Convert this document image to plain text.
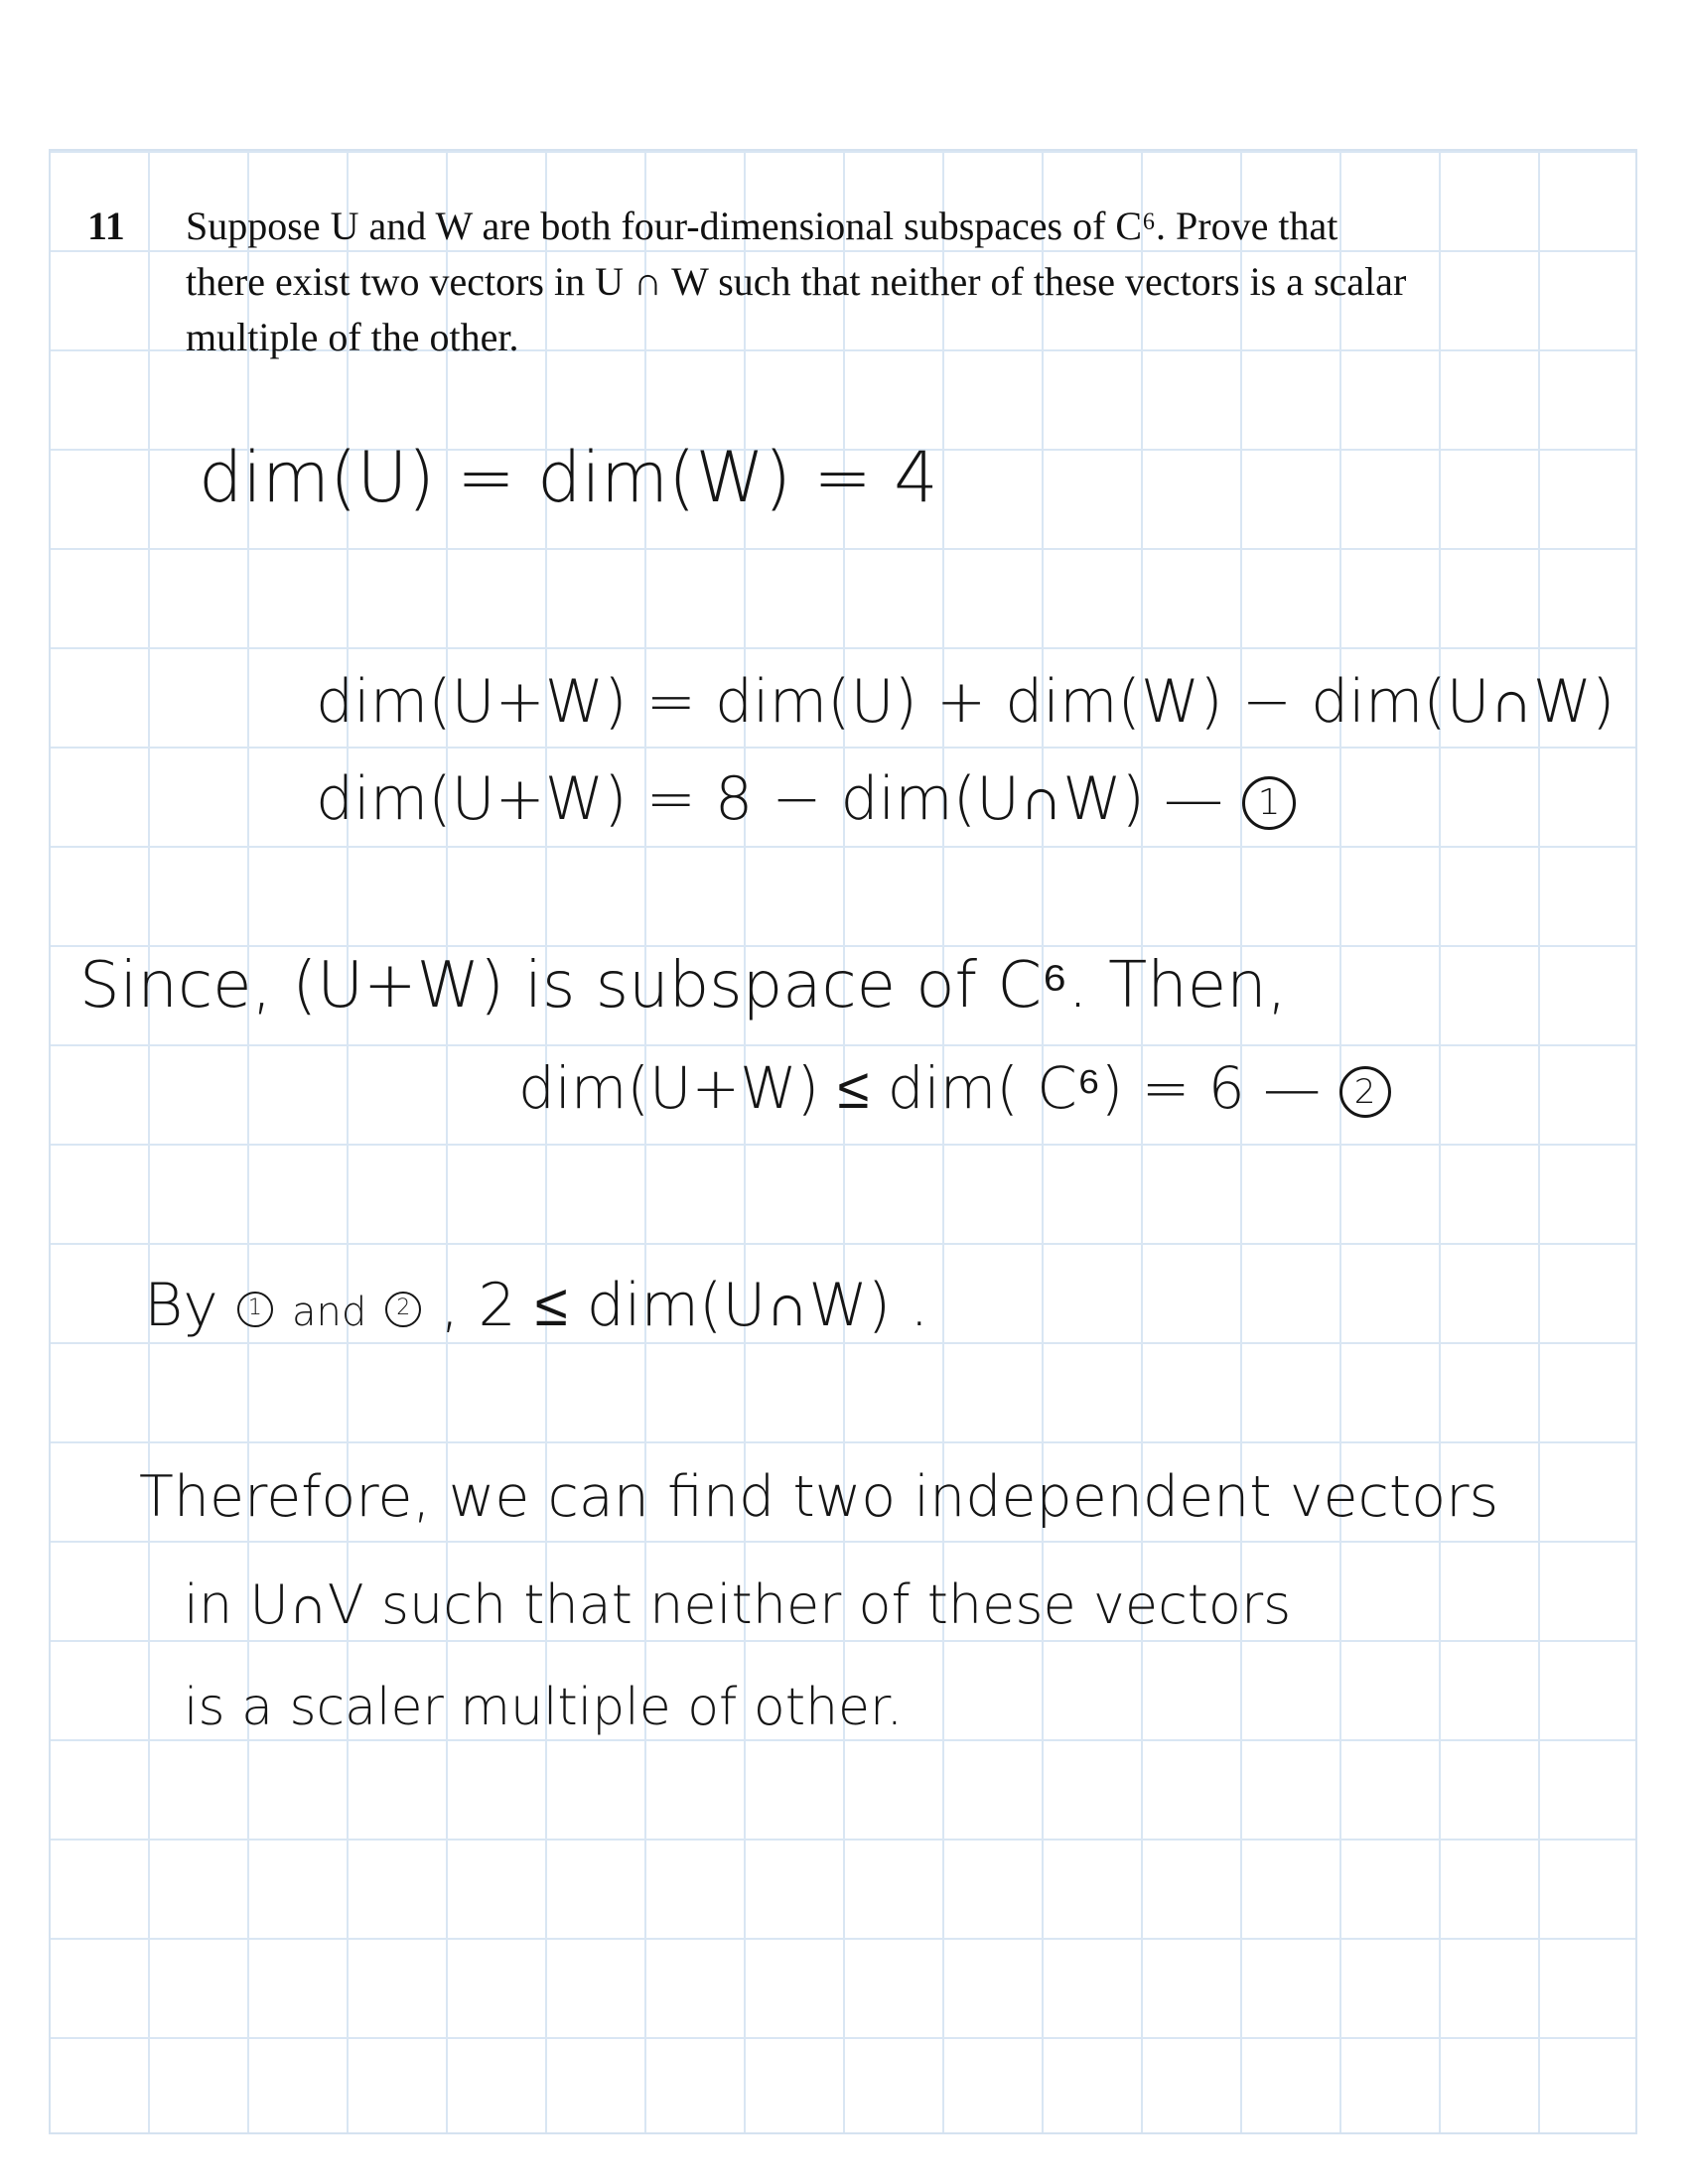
11	Suppose U and W are both four-dimensional subspaces of C⁶. Prove that
there exist two vectors in U ∩ W such that neither of these vectors is a scalar
multiple of the other.
dim(U) = dim(W) = 4
dim(U+W) = dim(U) + dim(W) − dim(U∩W)
dim(U+W) = 8 − dim(U∩W) — 1
Since, (U+W) is subspace of C⁶. Then,
dim(U+W) ≤ dim( C⁶) = 6 — 2
By 1 and 2 , 2 ≤ dim(U∩W) .
Therefore, we can find two independent vectors
in U∩V such that neither of these vectors
is a scaler multiple of other.
